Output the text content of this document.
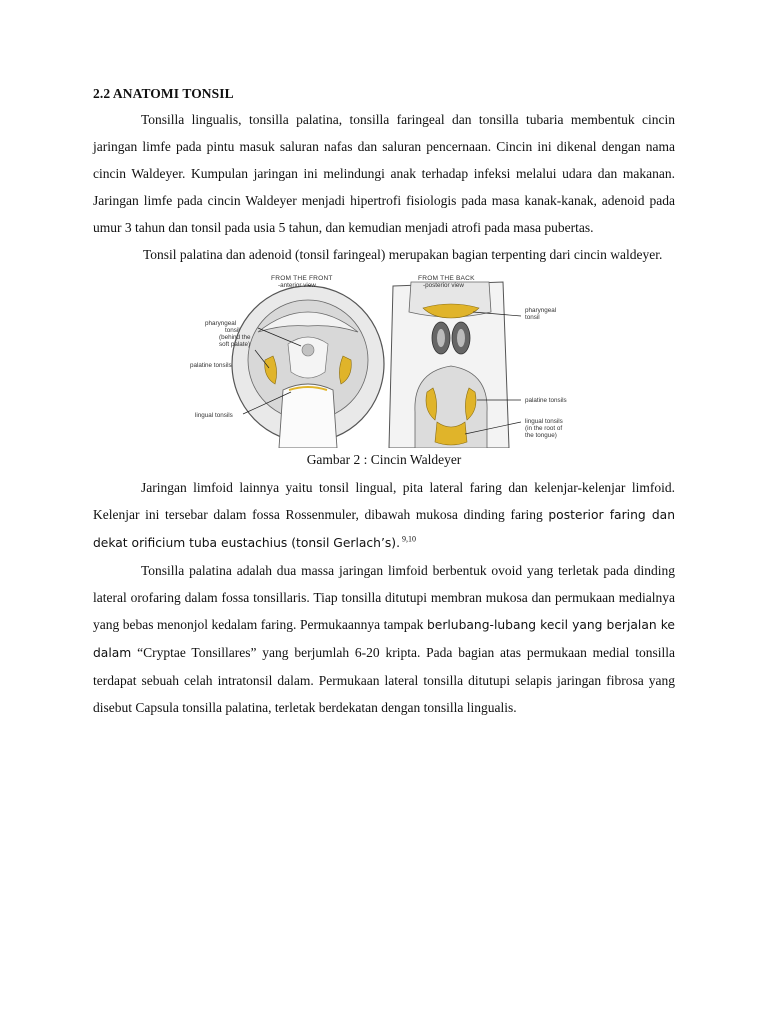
2.2 ANATOMI TONSIL

Tonsilla lingualis, tonsilla palatina, tonsilla faringeal dan tonsilla tubaria membentuk cincin jaringan limfe pada pintu masuk saluran nafas dan saluran pencernaan. Cincin ini dikenal dengan nama cincin Waldeyer. Kumpulan jaringan ini melindungi anak terhadap infeksi melalui udara dan makanan. Jaringan limfe pada cincin Waldeyer menjadi hipertrofi fisiologis pada masa kanak-kanak, adenoid pada umur 3 tahun dan tonsil pada usia 5 tahun, dan kemudian menjadi atrofi pada masa pubertas.

Tonsil palatina dan adenoid (tonsil faringeal) merupakan bagian terpenting dari cincin waldeyer.

FROM THE FRONT
-anterior view
pharyngeal
tonsil
(behind the
soft palate)
palatine tonsils
lingual tonsils
FROM THE BACK
-posterior view
pharyngeal
tonsil
palatine tonsils
lingual tonsils
(in the root of
the tongue)
Gambar 2 : Cincin Waldeyer

Jaringan limfoid lainnya yaitu tonsil lingual, pita lateral faring dan kelenjar-kelenjar limfoid. Kelenjar ini tersebar dalam fossa Rossenmuler, dibawah mukosa dinding faring posterior faring dan dekat orificium tuba eustachius (tonsil Gerlach’s). $^{9,10}$

Tonsilla palatina adalah dua massa jaringan limfoid berbentuk ovoid yang terletak pada dinding lateral orofaring dalam fossa tonsillaris. Tiap tonsilla ditutupi membran mukosa dan permukaan medialnya yang bebas menonjol kedalam faring. Permukaannya tampak berlubang-lubang kecil yang berjalan ke dalam “Cryptae Tonsillares” yang berjumlah 6-20 kripta. Pada bagian atas permukaan medial tonsilla terdapat sebuah celah intratonsil dalam. Permukaan lateral tonsilla ditutupi selapis jaringan fibrosa yang disebut Capsula tonsilla palatina, terletak berdekatan dengan tonsilla lingualis.
